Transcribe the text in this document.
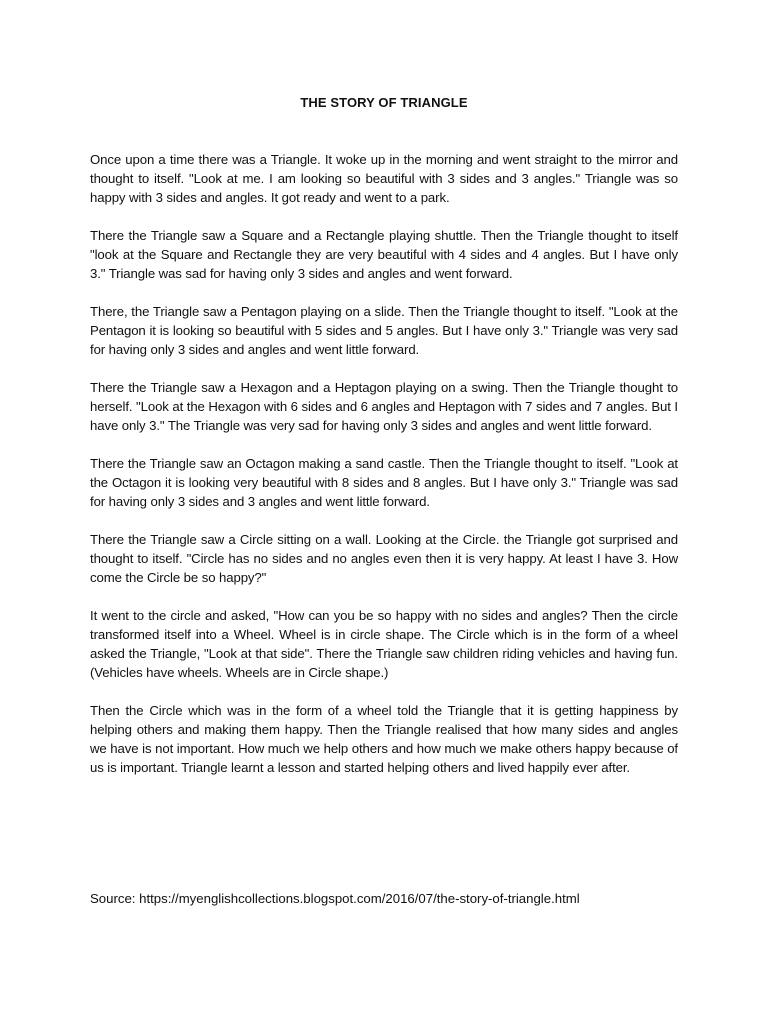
THE STORY OF TRIANGLE

Once upon a time there was a Triangle. It woke up in the morning and went straight to the mirror and thought to itself. "Look at me. I am looking so beautiful with 3 sides and 3 angles." Triangle was so happy with 3 sides and angles. It got ready and went to a park.

There the Triangle saw a Square and a Rectangle playing shuttle. Then the Triangle thought to itself "look at the Square and Rectangle they are very beautiful with 4 sides and 4 angles. But I have only 3." Triangle was sad for having only 3 sides and angles and went forward.

There, the Triangle saw a Pentagon playing on a slide. Then the Triangle thought to itself. "Look at the Pentagon it is looking so beautiful with 5 sides and 5 angles. But I have only 3." Triangle was very sad for having only 3 sides and angles and went little forward.

There the Triangle saw a Hexagon and a Heptagon playing on a swing. Then the Triangle thought to herself. "Look at the Hexagon with 6 sides and 6 angles and Heptagon with 7 sides and 7 angles. But I have only 3." The Triangle was very sad for having only 3 sides and angles and went little forward.

There the Triangle saw an Octagon making a sand castle. Then the Triangle thought to itself. "Look at the Octagon it is looking very beautiful with 8 sides and 8 angles. But I have only 3." Triangle was sad for having only 3 sides and 3 angles and went little forward.

There the Triangle saw a Circle sitting on a wall. Looking at the Circle. the Triangle got surprised and thought to itself. "Circle has no sides and no angles even then it is very happy. At least I have 3. How come the Circle be so happy?"

It went to the circle and asked, "How can you be so happy with no sides and angles? Then the circle transformed itself into a Wheel. Wheel is in circle shape. The Circle which is in the form of a wheel asked the Triangle, "Look at that side". There the Triangle saw children riding vehicles and having fun. (Vehicles have wheels. Wheels are in Circle shape.)

Then the Circle which was in the form of a wheel told the Triangle that it is getting happiness by helping others and making them happy. Then the Triangle realised that how many sides and angles we have is not important. How much we help others and how much we make others happy because of us is important. Triangle learnt a lesson and started helping others and lived happily ever after.

Source: https://myenglishcollections.blogspot.com/2016/07/the-story-of-triangle.html
